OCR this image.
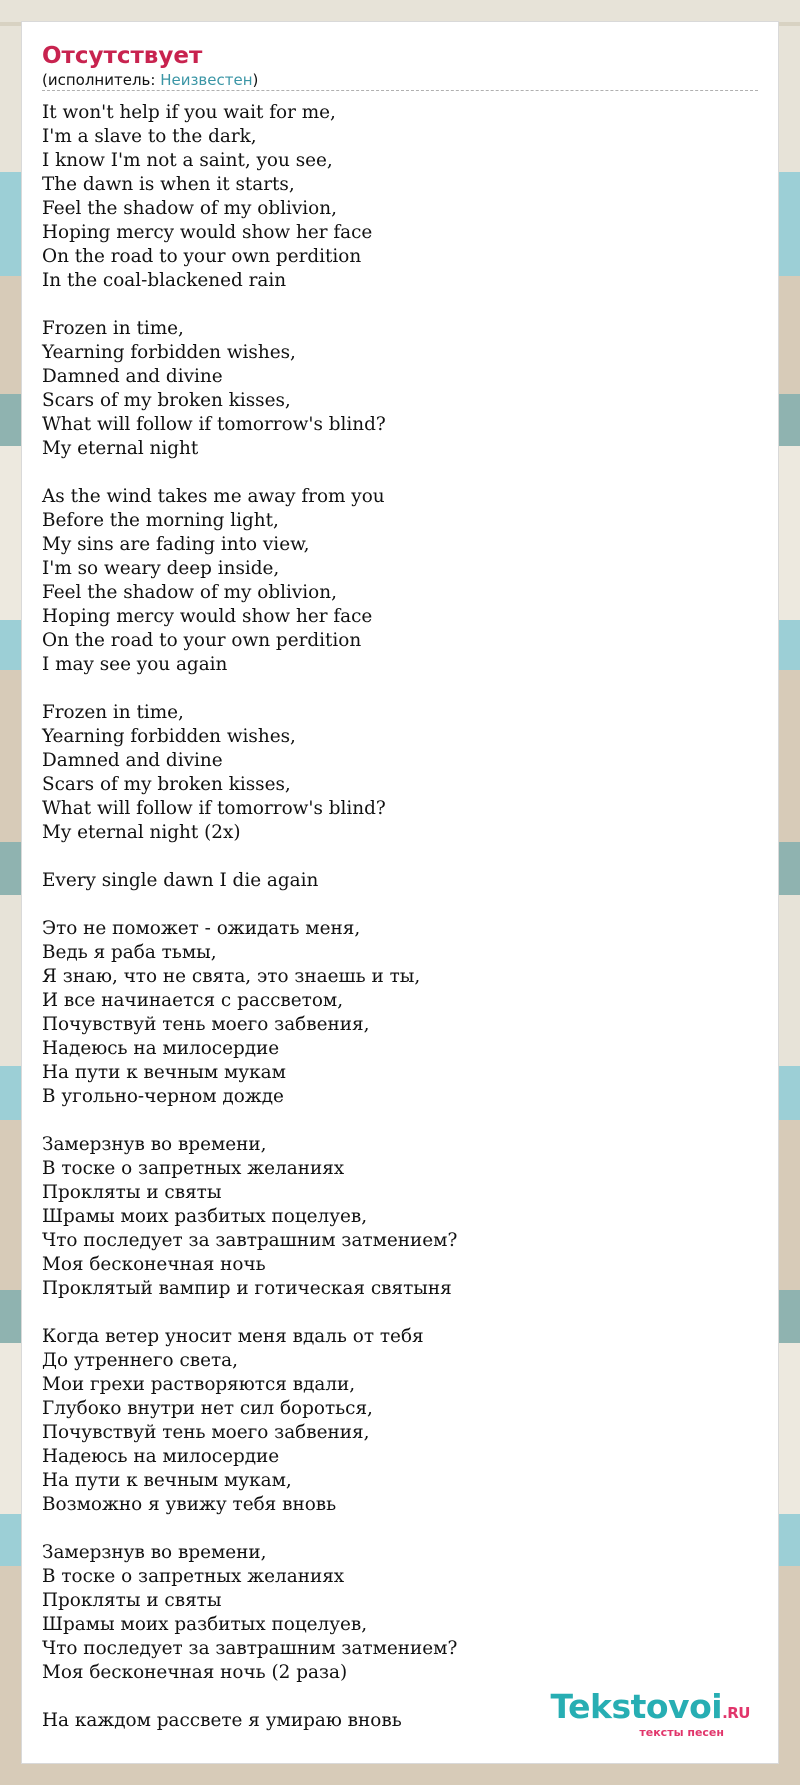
Отсутствует
(исполнитель: Неизвестен)
It won't help if you wait for me,
I'm a slave to the dark,
I know I'm not a saint, you see,
The dawn is when it starts,
Feel the shadow of my oblivion,
Hoping mercy would show her face
On the road to your own perdition
In the coal-blackened rain
Frozen in time,
Yearning forbidden wishes,
Damned and divine
Scars of my broken kisses,
What will follow if tomorrow's blind?
My eternal night
As the wind takes me away from you
Before the morning light,
My sins are fading into view,
I'm so weary deep inside,
Feel the shadow of my oblivion,
Hoping mercy would show her face
On the road to your own perdition
I may see you again
Frozen in time,
Yearning forbidden wishes,
Damned and divine
Scars of my broken kisses,
What will follow if tomorrow's blind?
My eternal night (2x)
Every single dawn I die again
Это не поможет - ожидать меня,
Ведь я раба тьмы,
Я знаю, что не свята, это знаешь и ты,
И все начинается с рассветом,
Почувствуй тень моего забвения,
Надеюсь на милосердие
На пути к вечным мукам
В угольно-черном дожде
Замерзнув во времени,
В тоске о запретных желаниях
Прокляты и святы
Шрамы моих разбитых поцелуев,
Что последует за завтрашним затмением?
Моя бесконечная ночь
Проклятый вампир и готическая святыня
Когда ветер уносит меня вдаль от тебя
До утреннего света,
Мои грехи растворяются вдали,
Глубоко внутри нет сил бороться,
Почувствуй тень моего забвения,
Надеюсь на милосердие
На пути к вечным мукам,
Возможно я увижу тебя вновь
Замерзнув во времени,
В тоске о запретных желаниях
Прокляты и святы
Шрамы моих разбитых поцелуев,
Что последует за завтрашним затмением?
Моя бесконечная ночь (2 раза)
На каждом рассвете я умираю вновь	Tekstovoi.RU
тексты песен
